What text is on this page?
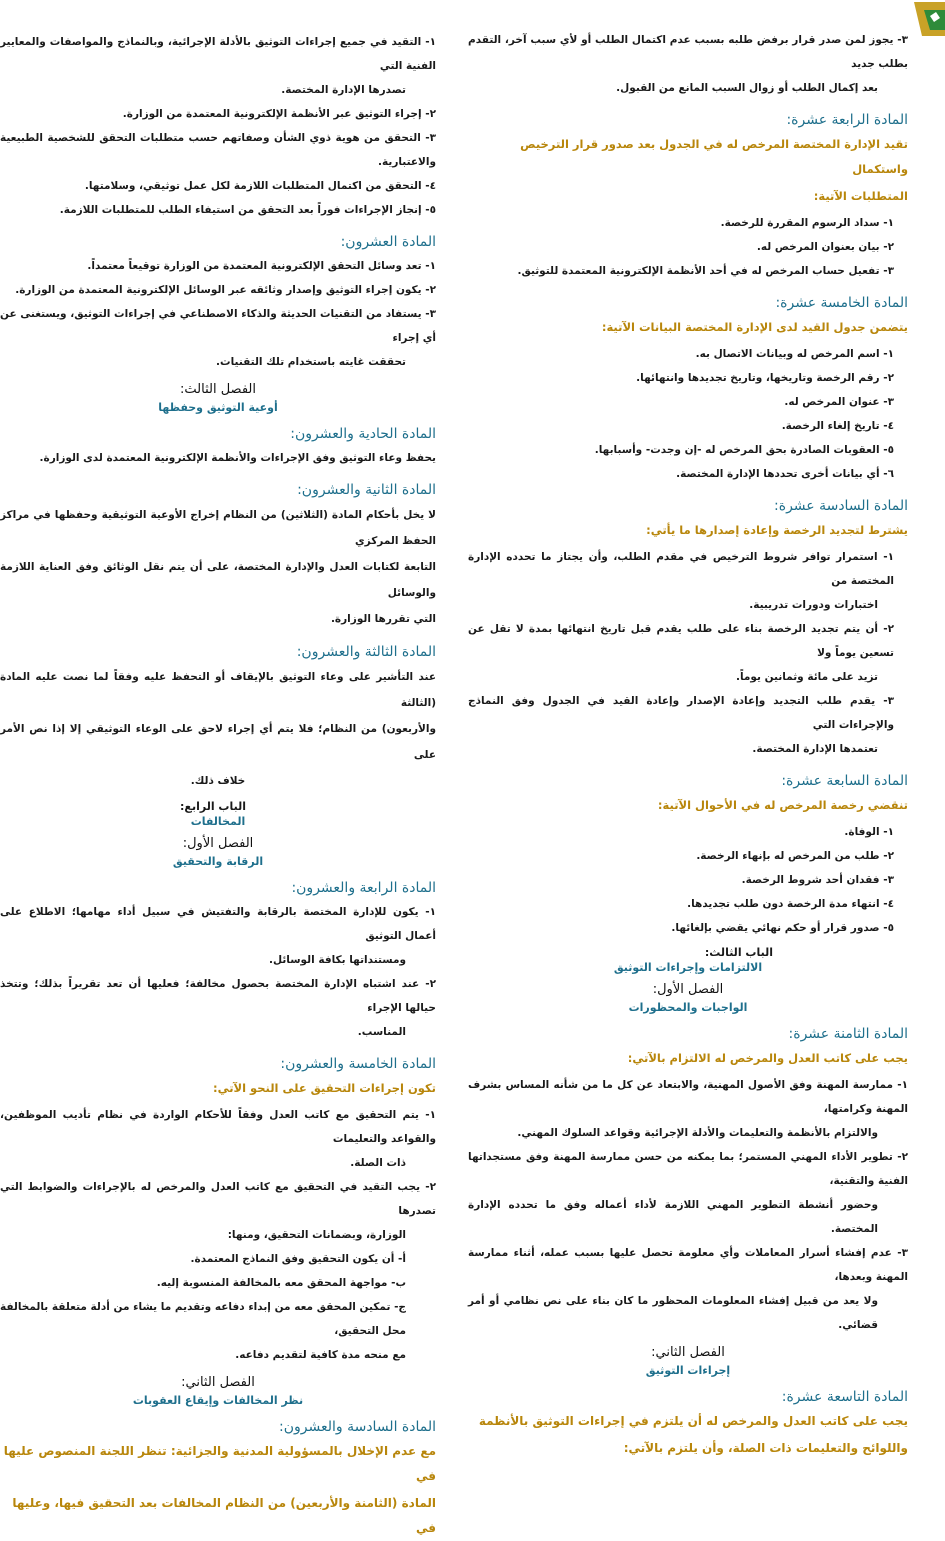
٣- يجوز لمن صدر قرار برفض طلبه بسبب عدم اكتمال الطلب أو لأي سبب آخر، التقدم بطلب جديد

بعد إكمال الطلب أو زوال السبب المانع من القبول.

المادة الرابعة عشرة:
تقيد الإدارة المختصة المرخص له في الجدول بعد صدور قرار الترخيص واستكمال
المتطلبات الآتية:

١- سداد الرسوم المقررة للرخصة.

٢- بيان بعنوان المرخص له.

٣- تفعيل حساب المرخص له في أحد الأنظمة الإلكترونية المعتمدة للتوثيق.

المادة الخامسة عشرة:
يتضمن جدول القيد لدى الإدارة المختصة البيانات الآتية:

١- اسم المرخص له وبيانات الاتصال به.

٢- رقم الرخصة وتاريخها، وتاريخ تجديدها وانتهائها.

٣- عنوان المرخص له.

٤- تاريخ إلغاء الرخصة.

٥- العقوبات الصادرة بحق المرخص له -إن وجدت- وأسبابها.

٦- أي بيانات أخرى تحددها الإدارة المختصة.

المادة السادسة عشرة:
يشترط لتجديد الرخصة وإعادة إصدارها ما يأتي:

١- استمرار توافر شروط الترخيص في مقدم الطلب، وأن يجتاز ما تحدده الإدارة المختصة من

اختبارات ودورات تدريبية.

٢- أن يتم تجديد الرخصة بناء على طلب يقدم قبل تاريخ انتهائها بمدة لا تقل عن تسعين يوماً ولا

تزيد على مائة وثمانين يوماً.

٣- يقدم طلب التجديد وإعادة الإصدار وإعادة القيد في الجدول وفق النماذج والإجراءات التي

تعتمدها الإدارة المختصة.

المادة السابعة عشرة:
تنقضي رخصة المرخص له في الأحوال الآتية:

١- الوفاة.

٢- طلب من المرخص له بإنهاء الرخصة.

٣- فقدان أحد شروط الرخصة.

٤- انتهاء مدة الرخصة دون طلب تجديدها.

٥- صدور قرار أو حكم نهائي يقضي بإلغائها.

الباب الثالث:
الالتزامات وإجراءات التوثيق
الفصل الأول:
الواجبات والمحظورات
المادة الثامنة عشرة:
يجب على كاتب العدل والمرخص له الالتزام بالآتي:

١- ممارسة المهنة وفق الأصول المهنية، والابتعاد عن كل ما من شأنه المساس بشرف المهنة وكرامتها،

والالتزام بالأنظمة والتعليمات والأدلة الإجرائية وقواعد السلوك المهني.

٢- تطوير الأداء المهني المستمر؛ بما يمكنه من حسن ممارسة المهنة وفق مستجداتها الفنية والتقنية،

وحضور أنشطة التطوير المهني اللازمة لأداء أعماله وفق ما تحدده الإدارة المختصة.

٣- عدم إفشاء أسرار المعاملات وأي معلومة تحصل عليها بسبب عمله، أثناء ممارسة المهنة وبعدها،

ولا يعد من قبيل إفشاء المعلومات المحظور ما كان بناء على نص نظامي أو أمر قضائي.

الفصل الثاني:
إجراءات التوثيق
المادة التاسعة عشرة:
يجب على كاتب العدل والمرخص له أن يلتزم في إجراءات التوثيق بالأنظمة
واللوائح والتعليمات ذات الصلة، وأن يلتزم بالآتي:

١- التقيد في جميع إجراءات التوثيق بالأدلة الإجرائية، وبالنماذج والمواصفات والمعايير الفنية التي

تصدرها الإدارة المختصة.

٢- إجراء التوثيق عبر الأنظمة الإلكترونية المعتمدة من الوزارة.

٣- التحقق من هوية ذوي الشأن وصفاتهم حسب متطلبات التحقق للشخصية الطبيعية والاعتبارية.

٤- التحقق من اكتمال المتطلبات اللازمة لكل عمل توثيقي، وسلامتها.

٥- إنجاز الإجراءات فوراً بعد التحقق من استيفاء الطلب للمتطلبات اللازمة.

المادة العشرون:

١- تعد وسائل التحقق الإلكترونية المعتمدة من الوزارة توقيعاً معتمداً.

٢- يكون إجراء التوثيق وإصدار وثائقه عبر الوسائل الإلكترونية المعتمدة من الوزارة.

٣- يستفاد من التقنيات الحديثة والذكاء الاصطناعي في إجراءات التوثيق، ويستغنى عن أي إجراء

تحققت غايته باستخدام تلك التقنيات.

الفصل الثالث:
أوعية التوثيق وحفظها
المادة الحادية والعشرون:

يحفظ وعاء التوثيق وفق الإجراءات والأنظمة الإلكترونية المعتمدة لدى الوزارة.

المادة الثانية والعشرون:

لا يخل بأحكام المادة (الثلاثين) من النظام إخراج الأوعية التوثيقية وحفظها في مراكز الحفظ المركزي

التابعة لكتابات العدل والإدارة المختصة، على أن يتم نقل الوثائق وفق العناية اللازمة والوسائل

التي تقررها الوزارة.

المادة الثالثة والعشرون:

عند التأشير على وعاء التوثيق بالإيقاف أو التحفظ عليه وفقاً لما نصت عليه المادة (الثالثة

والأربعون) من النظام؛ فلا يتم أي إجراء لاحق على الوعاء التوثيقي إلا إذا نص الأمر على

خلاف ذلك.

الباب الرابع:
المخالفات
الفصل الأول:
الرقابة والتحقيق
المادة الرابعة والعشرون:

١- يكون للإدارة المختصة بالرقابة والتفتيش في سبيل أداء مهامها؛ الاطلاع على أعمال التوثيق

ومستنداتها بكافة الوسائل.

٢- عند اشتباه الإدارة المختصة بحصول مخالفة؛ فعليها أن تعد تقريراً بذلك؛ وتتخذ حيالها الإجراء

المناسب.

المادة الخامسة والعشرون:
تكون إجراءات التحقيق على النحو الآتي:

١- يتم التحقيق مع كاتب العدل وفقاً للأحكام الواردة في نظام تأديب الموظفين، والقواعد والتعليمات

ذات الصلة.

٢- يجب التقيد في التحقيق مع كاتب العدل والمرخص له بالإجراءات والضوابط التي تصدرها

الوزارة، وبضمانات التحقيق، ومنها:

أ- أن يكون التحقيق وفق النماذج المعتمدة.

ب- مواجهة المحقق معه بالمخالفة المنسوبة إليه.

ج- تمكين المحقق معه من إبداء دفاعه وتقديم ما يشاء من أدلة متعلقة بالمخالفة محل التحقيق،

مع منحه مدة كافية لتقديم دفاعه.

الفصل الثاني:
نظر المخالفات وإيقاع العقوبات
المادة السادسة والعشرون:
مع عدم الإخلال بالمسؤولية المدنية والجزائية: تنظر اللجنة المنصوص عليها في
المادة (الثامنة والأربعين) من النظام المخالفات بعد التحقيق فيها، وعليها في
